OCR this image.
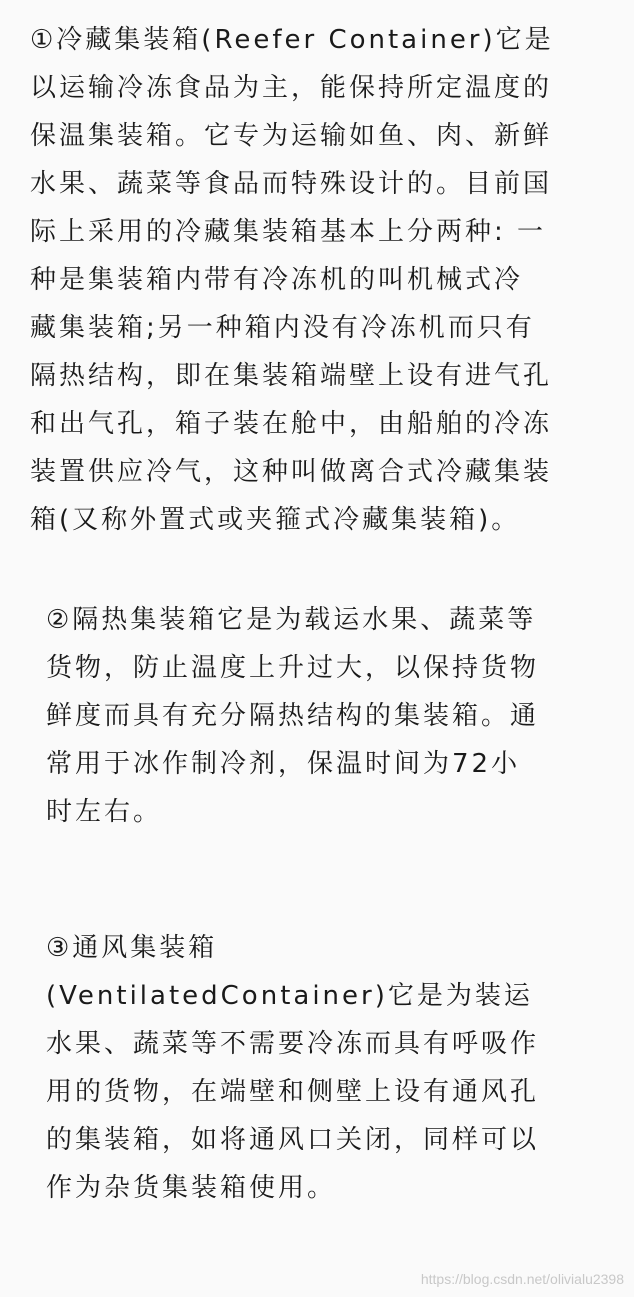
①冷藏集装箱(Reefer Container)它是
以运输冷冻食品为主，能保持所定温度的
保温集装箱。它专为运输如鱼、肉、新鲜
水果、蔬菜等食品而特殊设计的。目前国
际上采用的冷藏集装箱基本上分两种: 一
种是集装箱内带有冷冻机的叫机械式冷
藏集装箱;另一种箱内没有冷冻机而只有
隔热结构，即在集装箱端壁上设有进气孔
和出气孔，箱子装在舱中，由船舶的冷冻
装置供应冷气，这种叫做离合式冷藏集装
箱(又称外置式或夹箍式冷藏集装箱)。

②隔热集装箱它是为载运水果、蔬菜等
货物，防止温度上升过大，以保持货物
鲜度而具有充分隔热结构的集装箱。通
常用于冰作制冷剂，保温时间为72小
时左右。

③通风集装箱
(VentilatedContainer)它是为装运
水果、蔬菜等不需要冷冻而具有呼吸作
用的货物，在端壁和侧壁上设有通风孔
的集装箱，如将通风口关闭，同样可以
作为杂货集装箱使用。

https://blog.csdn.net/olivialu2398
